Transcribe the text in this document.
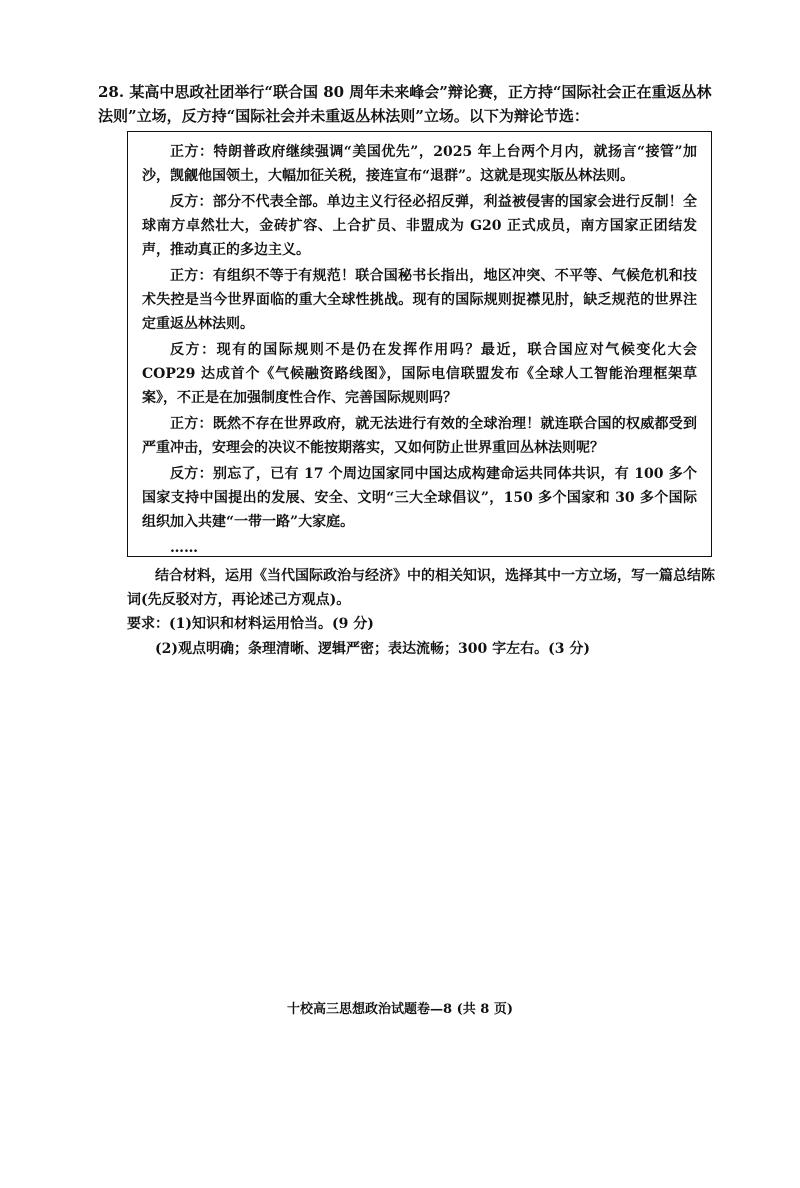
28. 某高中思政社团举行“联合国 80 周年未来峰会”辩论赛，正方持“国际社会正在重返丛林法则”立场，反方持“国际社会并未重返丛林法则”立场。以下为辩论节选：

正方：特朗普政府继续强调“美国优先”，2025 年上台两个月内，就扬言“接管”加沙，觊觎他国领土，大幅加征关税，接连宣布“退群”。这就是现实版丛林法则。

反方：部分不代表全部。单边主义行径必招反弹，利益被侵害的国家会进行反制！全球南方卓然壮大，金砖扩容、上合扩员、非盟成为 G20 正式成员，南方国家正团结发声，推动真正的多边主义。

正方：有组织不等于有规范！联合国秘书长指出，地区冲突、不平等、气候危机和技术失控是当今世界面临的重大全球性挑战。现有的国际规则捉襟见肘，缺乏规范的世界注定重返丛林法则。

反方：现有的国际规则不是仍在发挥作用吗？最近，联合国应对气候变化大会 COP29 达成首个《气候融资路线图》，国际电信联盟发布《全球人工智能治理框架草案》，不正是在加强制度性合作、完善国际规则吗？

正方：既然不存在世界政府，就无法进行有效的全球治理！就连联合国的权威都受到严重冲击，安理会的决议不能按期落实，又如何防止世界重回丛林法则呢？

反方：别忘了，已有 17 个周边国家同中国达成构建命运共同体共识，有 100 多个国家支持中国提出的发展、安全、文明“三大全球倡议”，150 多个国家和 30 多个国际组织加入共建“一带一路”大家庭。

……

结合材料，运用《当代国际政治与经济》中的相关知识，选择其中一方立场，写一篇总结陈词(先反驳对方，再论述己方观点)。

要求：(1)知识和材料运用恰当。(9 分)

(2)观点明确；条理清晰、逻辑严密；表达流畅；300 字左右。(3 分)

十校高三思想政治试题卷—8 (共 8 页)
